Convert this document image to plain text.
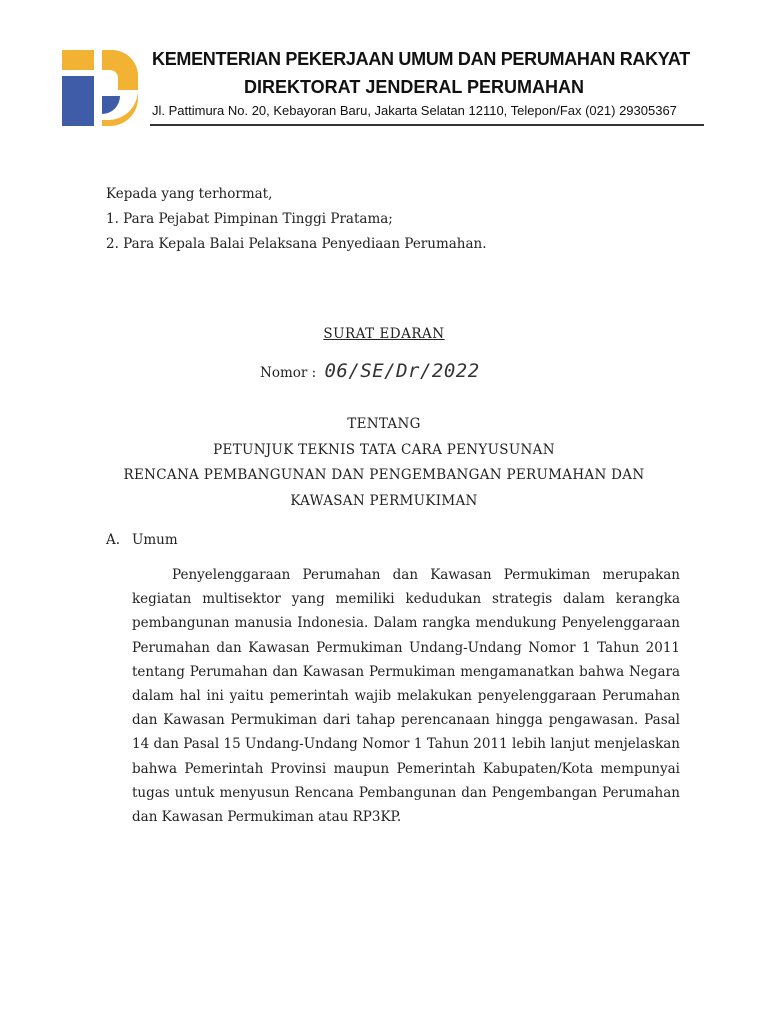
KEMENTERIAN PEKERJAAN UMUM DAN PERUMAHAN RAKYAT
DIREKTORAT JENDERAL PERUMAHAN
Jl. Pattimura No. 20, Kebayoran Baru, Jakarta Selatan 12110, Telepon/Fax (021) 29305367
Kepada yang terhormat,
1. Para Pejabat Pimpinan Tinggi Pratama;
2. Para Kepala Balai Pelaksana Penyediaan Perumahan.
SURAT EDARAN
Nomor : 06/SE/Dr/2022
TENTANG
PETUNJUK TEKNIS TATA CARA PENYUSUNAN
RENCANA PEMBANGUNAN DAN PENGEMBANGAN PERUMAHAN DAN
KAWASAN PERMUKIMAN
A. Umum
Penyelenggaraan Perumahan dan Kawasan Permukiman merupakan kegiatan multisektor yang memiliki kedudukan strategis dalam kerangka pembangunan manusia Indonesia. Dalam rangka mendukung Penyelenggaraan Perumahan dan Kawasan Permukiman Undang-Undang Nomor 1 Tahun 2011 tentang Perumahan dan Kawasan Permukiman mengamanatkan bahwa Negara dalam hal ini yaitu pemerintah wajib melakukan penyelenggaraan Perumahan dan Kawasan Permukiman dari tahap perencanaan hingga pengawasan. Pasal 14 dan Pasal 15 Undang-Undang Nomor 1 Tahun 2011 lebih lanjut menjelaskan bahwa Pemerintah Provinsi maupun Pemerintah Kabupaten/Kota mempunyai tugas untuk menyusun Rencana Pembangunan dan Pengembangan Perumahan dan Kawasan Permukiman atau RP3KP.
